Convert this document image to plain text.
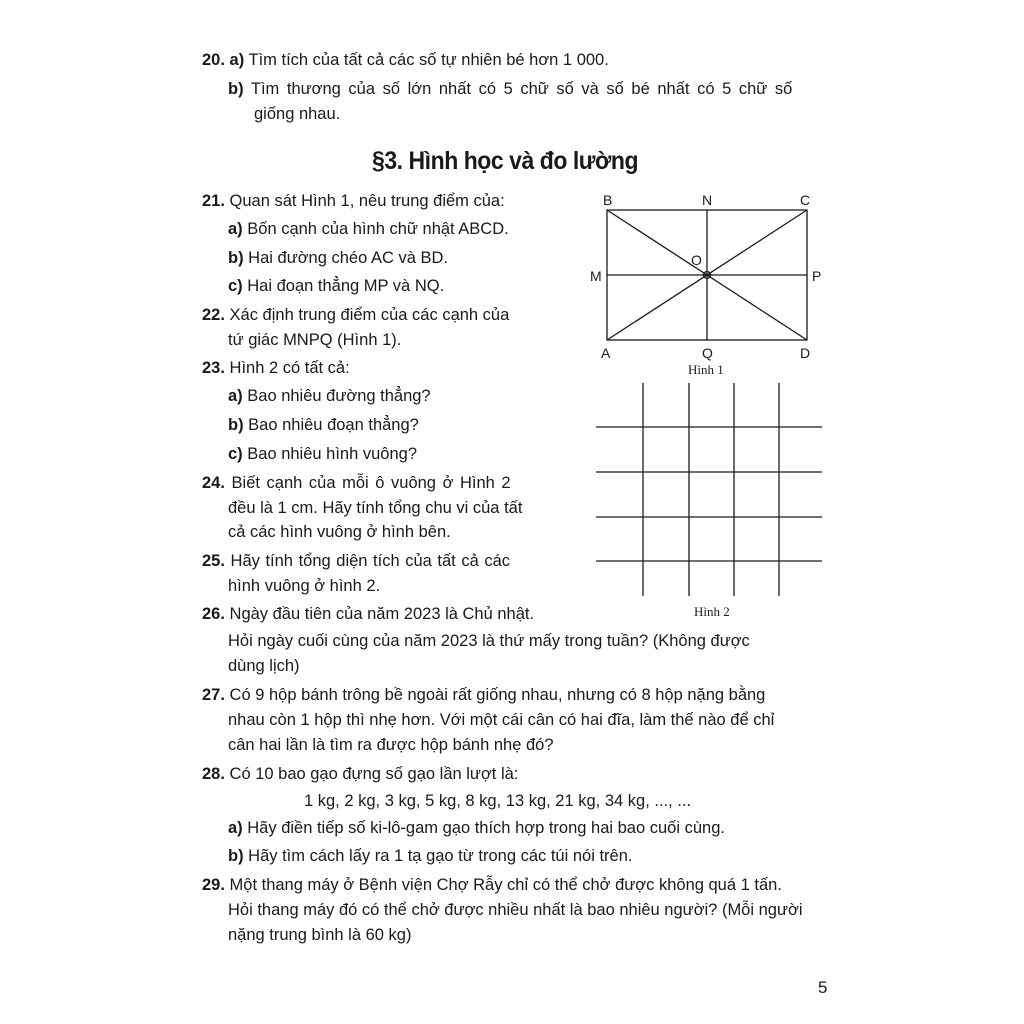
20. a) Tìm tích của tất cả các số tự nhiên bé hơn 1 000.
b) Tìm thương của số lớn nhất có 5 chữ số và số bé nhất có 5 chữ số
giống nhau.
§3. Hình học và đo lường
21. Quan sát Hình 1, nêu trung điểm của:
a) Bốn cạnh của hình chữ nhật ABCD.
b) Hai đường chéo AC và BD.
c) Hai đoạn thẳng MP và NQ.
22. Xác định trung điểm của các cạnh của
tứ giác MNPQ (Hình 1).
23. Hình 2 có tất cả:
a) Bao nhiêu đường thẳng?
b) Bao nhiêu đoạn thẳng?
c) Bao nhiêu hình vuông?
24. Biết cạnh của mỗi ô vuông ở Hình 2
đều là 1 cm. Hãy tính tổng chu vi của tất
cả các hình vuông ở hình bên.
25. Hãy tính tổng diện tích của tất cả các
hình vuông ở hình 2.
26. Ngày đầu tiên của năm 2023 là Chủ nhật.
Hỏi ngày cuối cùng của năm 2023 là thứ mấy trong tuần? (Không được
dùng lịch)
27. Có 9 hộp bánh trông bề ngoài rất giống nhau, nhưng có 8 hộp nặng bằng
nhau còn 1 hộp thì nhẹ hơn. Với một cái cân có hai đĩa, làm thế nào để chỉ
cân hai lần là tìm ra được hộp bánh nhẹ đó?
28. Có 10 bao gạo đựng số gạo lần lượt là:
1 kg, 2 kg, 3 kg, 5 kg, 8 kg, 13 kg, 21 kg, 34 kg, ..., ...
a) Hãy điền tiếp số ki-lô-gam gạo thích hợp trong hai bao cuối cùng.
b) Hãy tìm cách lấy ra 1 tạ gạo từ trong các túi nói trên.
29. Một thang máy ở Bệnh viện Chợ Rẫy chỉ có thể chở được không quá 1 tấn.
Hỏi thang máy đó có thể chở được nhiều nhất là bao nhiêu người? (Mỗi người
nặng trung bình là 60 kg)
5
B	N	C
M
O
P
A	Q	D
Hình 1
Hình 2
